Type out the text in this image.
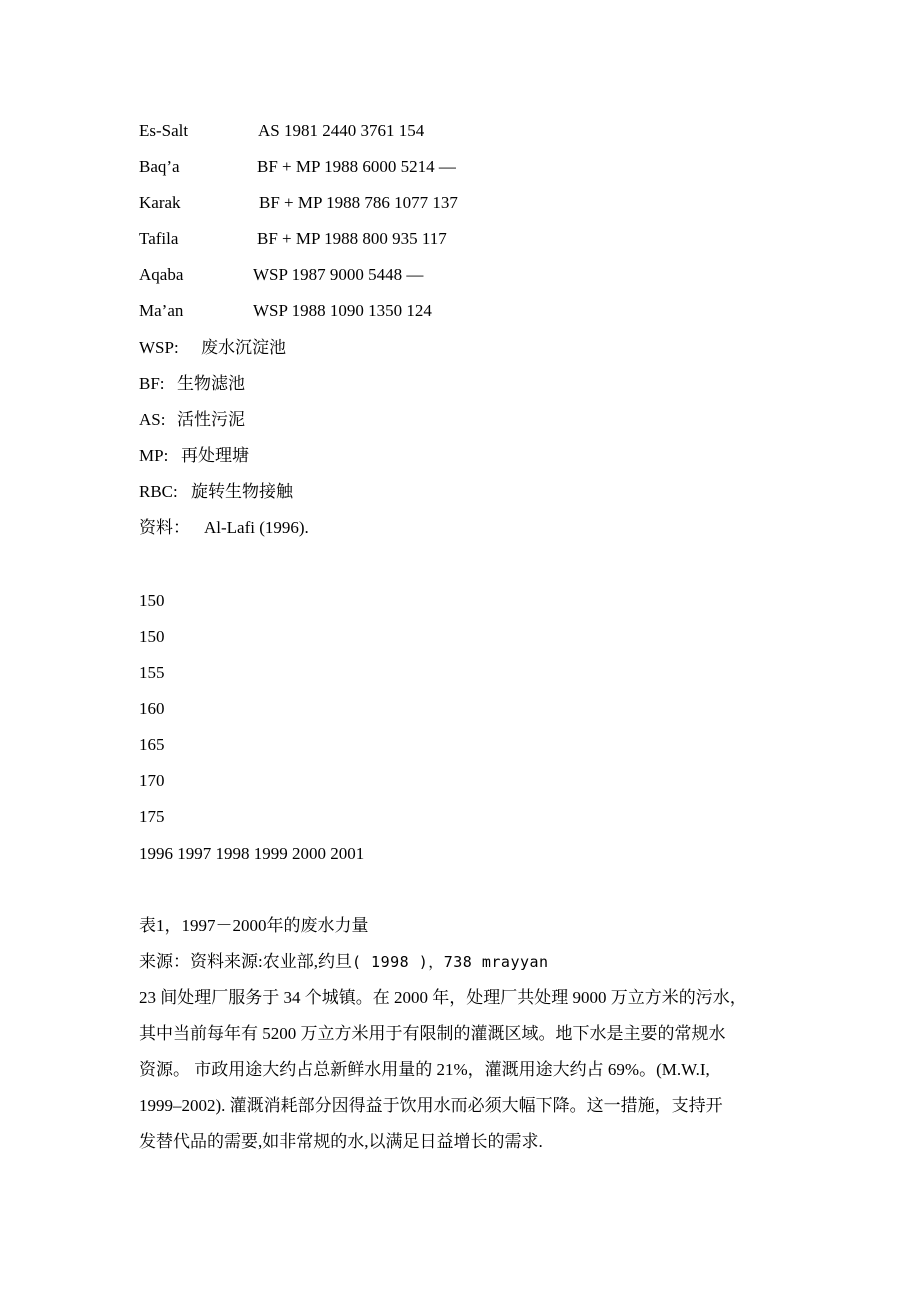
Es-Salt	AS 1981 2440 3761 154
Baq’a	BF + MP 1988 6000 5214 —
Karak	BF + MP 1988 786 1077 137
Tafila	BF + MP 1988 800 935 117
Aqaba	WSP 1987 9000 5448 —
Ma’an	WSP 1988 1090 1350 124
WSP: 废水沉淀池
BF: 生物滤池
AS: 活性污泥
MP: 再处理塘
RBC: 旋转生物接触
资料： Al-Lafi (1996).
150
150
155
160
165
170
175
1996 1997 1998 1999 2000 2001
表1，1997－2000年的废水力量
来源：资料来源:农业部,约旦( 1998 )，738 mrayyan

23 间处理厂服务于 34 个城镇。在 2000 年，处理厂共处理 9000 万立方米的污水，

其中当前每年有 5200 万立方米用于有限制的灌溉区域。地下水是主要的常规水

资源。 市政用途大约占总新鲜水用量的 21%，灌溉用途大约占 69%。(M.W.I,

1999–2002). 灌溉消耗部分因得益于饮用水而必须大幅下降。这一措施，支持开

发替代品的需要,如非常规的水,以满足日益增长的需求.
